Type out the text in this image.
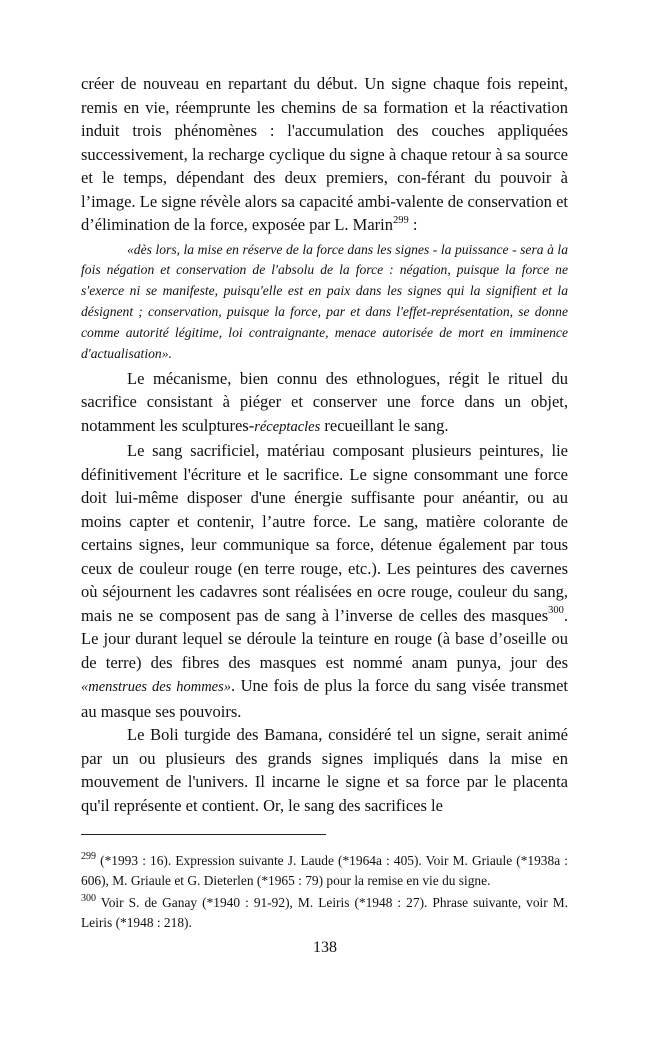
créer de nouveau en repartant du début. Un signe chaque fois repeint, remis en vie, réemprunte les chemins de sa formation et la réactivation induit trois phénomènes : l'accumulation des couches appliquées successivement, la recharge cyclique du signe à chaque retour à sa source et le temps, dépendant des deux premiers, con-férant du pouvoir à l’image. Le signe révèle alors sa capacité ambi-valente de conservation et d’élimination de la force, exposée par L. Marin$^{299}$ :

«dès lors, la mise en réserve de la force dans les signes - la puissance - sera à la fois négation et conservation de l'absolu de la force : négation, puisque la force ne s'exerce ni se manifeste, puisqu'elle est en paix dans les signes qui la signifient et la désignent ; conservation, puisque la force, par et dans l'effet-représentation, se donne comme autorité légitime, loi contraignante, menace autorisée de mort en imminence d'actualisation».

Le mécanisme, bien connu des ethnologues, régit le rituel du sacrifice consistant à piéger et conserver une force dans un objet, notamment les sculptures-réceptacles recueillant le sang.

Le sang sacrificiel, matériau composant plusieurs peintures, lie définitivement l'écriture et le sacrifice. Le signe consommant une force doit lui-même disposer d'une énergie suffisante pour anéantir, ou au moins capter et contenir, l’autre force. Le sang, matière colorante de certains signes, leur communique sa force, détenue également par tous ceux de couleur rouge (en terre rouge, etc.). Les peintures des cavernes où séjournent les cadavres sont réalisées en ocre rouge, couleur du sang, mais ne se composent pas de sang à l’inverse de celles des masques$^{300}$. Le jour durant lequel se déroule la teinture en rouge (à base d’oseille ou de terre) des fibres des masques est nommé anam punya, jour des «menstrues des hommes». Une fois de plus la force du sang visée transmet au masque ses pouvoirs.

Le Boli turgide des Bamana, considéré tel un signe, serait animé par un ou plusieurs des grands signes impliqués dans la mise en mouvement de l'univers. Il incarne le signe et sa force par le placenta qu'il représente et contient. Or, le sang des sacrifices le

$^{299}$ (*1993 : 16). Expression suivante J. Laude (*1964a : 405). Voir M. Griaule (*1938a : 606), M. Griaule et G. Dieterlen (*1965 : 79) pour la remise en vie du signe.

$^{300}$ Voir S. de Ganay (*1940 : 91-92), M. Leiris (*1948 : 27). Phrase suivante, voir M. Leiris (*1948 : 218).

138
